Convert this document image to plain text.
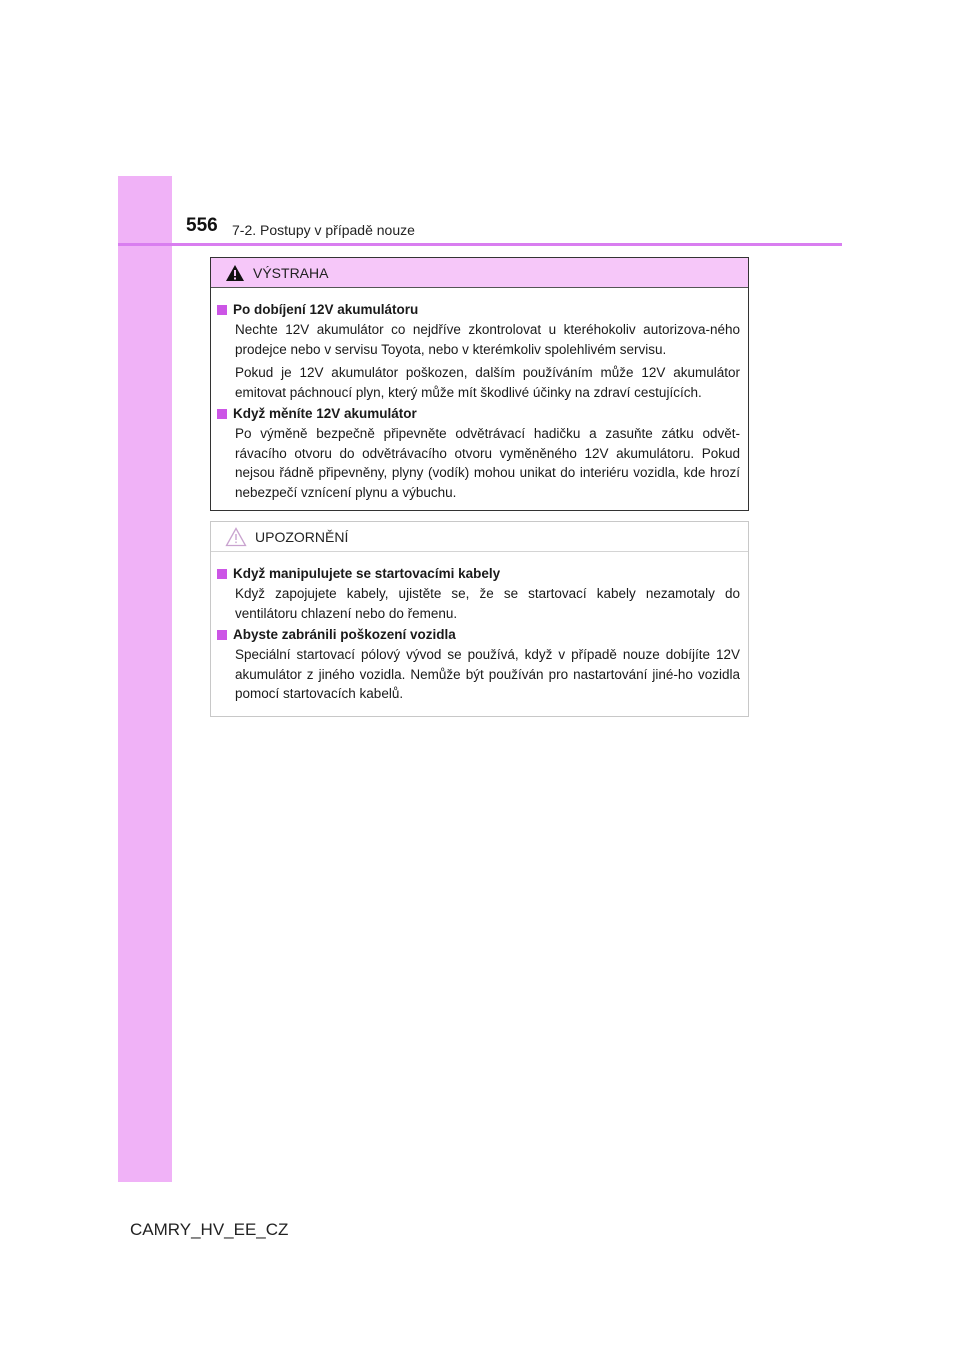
556 7-2. Postupy v případě nouze
VÝSTRAHA
Po dobíjení 12V akumulátoru

Nechte 12V akumulátor co nejdříve zkontrolovat u kteréhokoliv autorizova-ného prodejce nebo v servisu Toyota, nebo v kterémkoliv spolehlivém servisu.

Pokud je 12V akumulátor poškozen, dalším používáním může 12V akumulátor emitovat páchnoucí plyn, který může mít škodlivé účinky na zdraví cestujících.

Když měníte 12V akumulátor

Po výměně bezpečně připevněte odvětrávací hadičku a zasuňte zátku odvět-rávacího otvoru do odvětrávacího otvoru vyměněného 12V akumulátoru. Pokud nejsou řádně připevněny, plyny (vodík) mohou unikat do interiéru vozidla, kde hrozí nebezpečí vznícení plynu a výbuchu.

UPOZORNĚNÍ
Když manipulujete se startovacími kabely

Když zapojujete kabely, ujistěte se, že se startovací kabely nezamotaly do ventilátoru chlazení nebo do řemenu.

Abyste zabránili poškození vozidla

Speciální startovací pólový vývod se používá, když v případě nouze dobíjíte 12V akumulátor z jiného vozidla. Nemůže být používán pro nastartování jiné-ho vozidla pomocí startovacích kabelů.

CAMRY_HV_EE_CZ
